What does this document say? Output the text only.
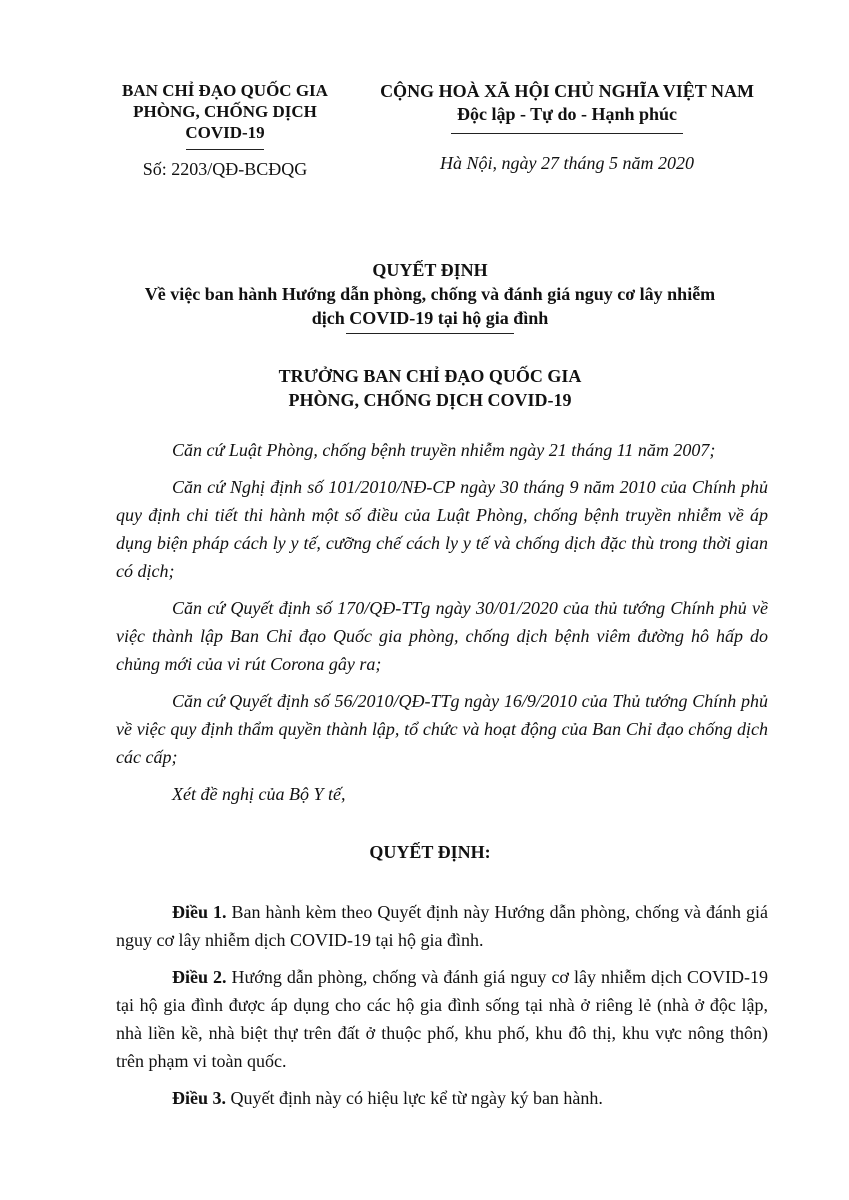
BAN CHỈ ĐẠO QUỐC GIA
PHÒNG, CHỐNG DỊCH
COVID-19
Số: 2203/QĐ-BCĐQG
CỘNG HOÀ XÃ HỘI CHỦ NGHĨA VIỆT NAM
Độc lập - Tự do - Hạnh phúc
Hà Nội, ngày 27 tháng 5 năm 2020
QUYẾT ĐỊNH
Về việc ban hành Hướng dẫn phòng, chống và đánh giá nguy cơ lây nhiễm
dịch COVID-19 tại hộ gia đình
TRƯỞNG BAN CHỈ ĐẠO QUỐC GIA
PHÒNG, CHỐNG DỊCH COVID-19

Căn cứ Luật Phòng, chống bệnh truyền nhiễm ngày 21 tháng 11 năm 2007;

Căn cứ Nghị định số 101/2010/NĐ-CP ngày 30 tháng 9 năm 2010 của Chính phủ quy định chi tiết thi hành một số điều của Luật Phòng, chống bệnh truyền nhiễm về áp dụng biện pháp cách ly y tế, cưỡng chế cách ly y tế và chống dịch đặc thù trong thời gian có dịch;

Căn cứ Quyết định số 170/QĐ-TTg ngày 30/01/2020 của thủ tướng Chính phủ về việc thành lập Ban Chỉ đạo Quốc gia phòng, chống dịch bệnh viêm đường hô hấp do chủng mới của vi rút Corona gây ra;

Căn cứ Quyết định số 56/2010/QĐ-TTg ngày 16/9/2010 của Thủ tướng Chính phủ về việc quy định thẩm quyền thành lập, tổ chức và hoạt động của Ban Chỉ đạo chống dịch các cấp;

Xét đề nghị của Bộ Y tế,

QUYẾT ĐỊNH:

Điều 1. Ban hành kèm theo Quyết định này Hướng dẫn phòng, chống và đánh giá nguy cơ lây nhiễm dịch COVID-19 tại hộ gia đình.

Điều 2. Hướng dẫn phòng, chống và đánh giá nguy cơ lây nhiễm dịch COVID-19 tại hộ gia đình được áp dụng cho các hộ gia đình sống tại nhà ở riêng lẻ (nhà ở độc lập, nhà liền kề, nhà biệt thự trên đất ở thuộc phố, khu phố, khu đô thị, khu vực nông thôn) trên phạm vi toàn quốc.

Điều 3. Quyết định này có hiệu lực kể từ ngày ký ban hành.
